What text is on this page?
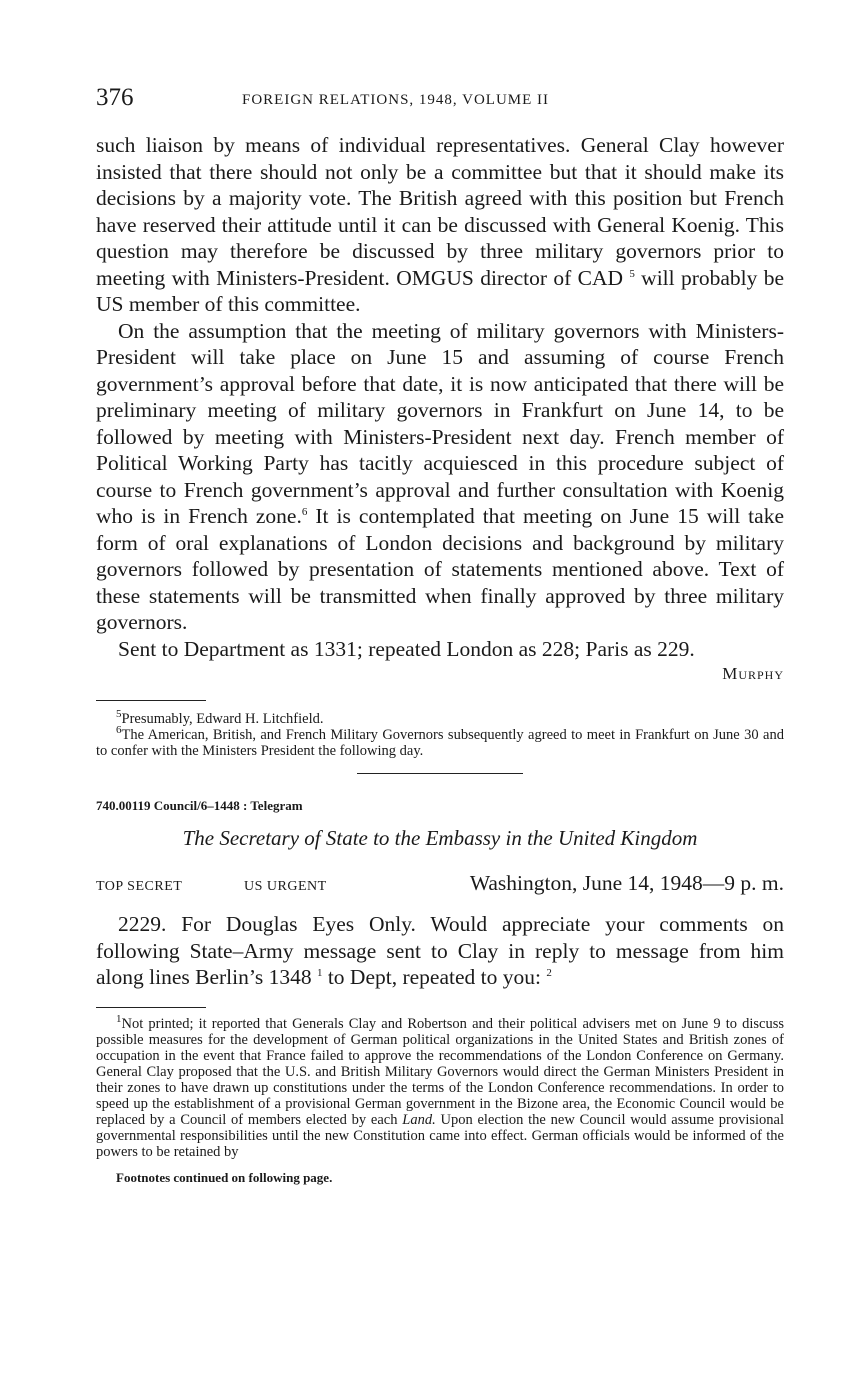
376	FOREIGN RELATIONS, 1948, VOLUME II

such liaison by means of individual representatives. General Clay however insisted that there should not only be a committee but that it should make its decisions by a majority vote. The British agreed with this position but French have reserved their attitude until it can be discussed with General Koenig. This question may therefore be discussed by three military governors prior to meeting with Ministers-President. OMGUS director of CAD $^5$ will probably be US member of this committee.

On the assumption that the meeting of military governors with Ministers-President will take place on June 15 and assuming of course French government’s approval before that date, it is now anticipated that there will be preliminary meeting of military governors in Frankfurt on June 14, to be followed by meeting with Ministers-President next day. French member of Political Working Party has tacitly acquiesced in this procedure subject of course to French government’s approval and further consultation with Koenig who is in French zone.$^6$ It is contemplated that meeting on June 15 will take form of oral explanations of London decisions and background by military governors followed by presentation of statements mentioned above. Text of these statements will be transmitted when finally approved by three military governors.

Sent to Department as 1331; repeated London as 228; Paris as 229.

Murphy

$^5$Presumably, Edward H. Litchfield.

$^6$The American, British, and French Military Governors subsequently agreed to meet in Frankfurt on June 30 and to confer with the Ministers President the following day.

740.00119 Council/6–1448 : Telegram

The Secretary of State to the Embassy in the United Kingdom

TOP SECRET	US URGENT	Washington, June 14, 1948—9 p. m.

2229. For Douglas Eyes Only. Would appreciate your comments on following State–Army message sent to Clay in reply to message from him along lines Berlin’s 1348 $^1$ to Dept, repeated to you: $^2$

$^1$Not printed; it reported that Generals Clay and Robertson and their political advisers met on June 9 to discuss possible measures for the development of German political organizations in the United States and British zones of occupation in the event that France failed to approve the recommendations of the London Conference on Germany. General Clay proposed that the U.S. and British Military Governors would direct the German Ministers President in their zones to have drawn up constitutions under the terms of the London Conference recommendations. In order to speed up the establishment of a provisional German government in the Bizone area, the Economic Council would be replaced by a Council of members elected by each Land. Upon election the new Council would assume provisional governmental responsibilities until the new Constitution came into effect. German officials would be informed of the powers to be retained by

Footnotes continued on following page.
